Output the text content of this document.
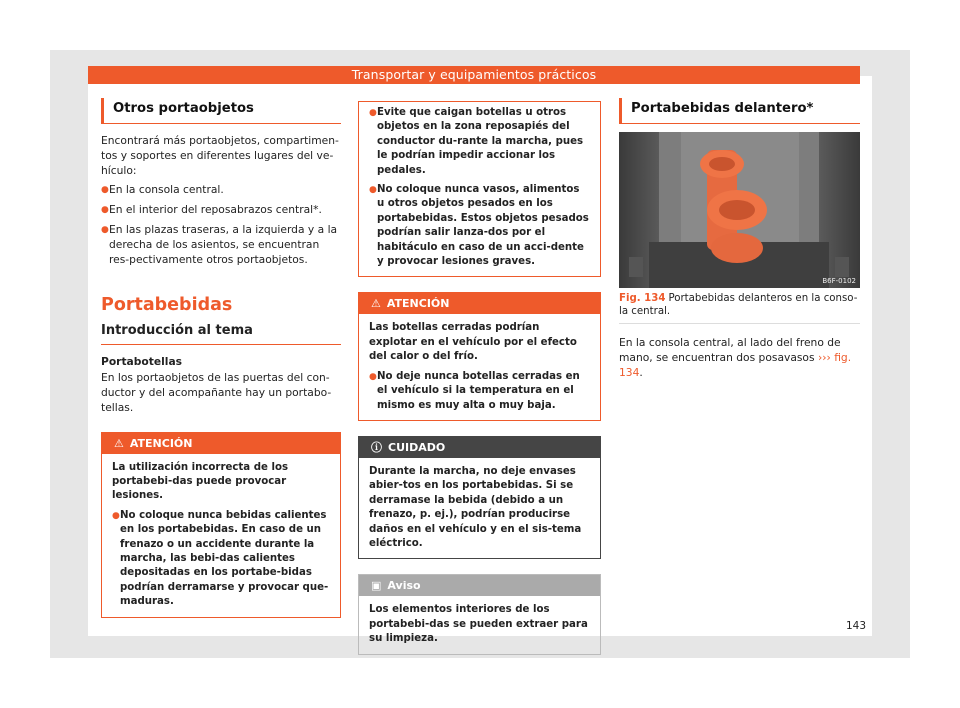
Transportar y equipamientos prácticos
Otros portaobjetos

Encontrará más portaobjetos, compartimen-tos y soportes en diferentes lugares del ve-hículo:

● En la consola central.

● En el interior del reposabrazos central*.

● En las plazas traseras, a la izquierda y a la derecha de los asientos, se encuentran res-pectivamente otros portaobjetos.

Portabebidas
Introducción al tema

Portabotellas

En los portaobjetos de las puertas del con-ductor y del acompañante hay un portabo-tellas.

⚠ ATENCIÓN

La utilización incorrecta de los portabebi-das puede provocar lesiones.

● No coloque nunca bebidas calientes en los portabebidas. En caso de un frenazo o un accidente durante la marcha, las bebi-das calientes depositadas en los portabe-bidas podrían derramarse y provocar que-maduras.

● Evite que caigan botellas u otros objetos en la zona reposapiés del conductor du-rante la marcha, pues le podrían impedir accionar los pedales.

● No coloque nunca vasos, alimentos u otros objetos pesados en los portabebidas. Estos objetos pesados podrían salir lanza-dos por el habitáculo en caso de un acci-dente y provocar lesiones graves.

⚠ ATENCIÓN

Las botellas cerradas podrían explotar en el vehículo por el efecto del calor o del frío.

● No deje nunca botellas cerradas en el vehículo si la temperatura en el mismo es muy alta o muy baja.

ⓘ CUIDADO

Durante la marcha, no deje envases abier-tos en los portabebidas. Si se derramase la bebida (debido a un frenazo, p. ej.), podrían producirse daños en el vehículo y en el sis-tema eléctrico.

▣ Aviso

Los elementos interiores de los portabebi-das se pueden extraer para su limpieza.

Portabebidas delantero*
B6F-0102

Fig. 134 Portabebidas delanteros en la conso-la central.

En la consola central, al lado del freno de mano, se encuentran dos posavasos ››› fig. 134.

143
